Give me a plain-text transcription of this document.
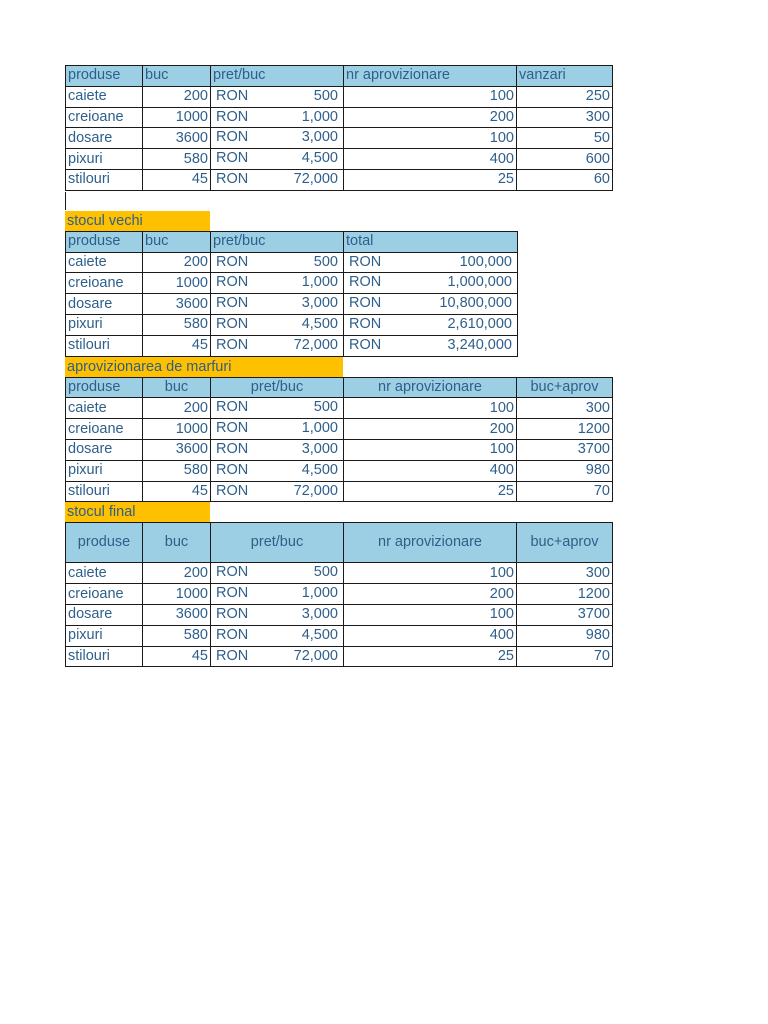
produse	buc	pret/buc	nr aprovizionare	vanzari
caiete	200	RON 500	100	250
creioane	1000	RON 1,000	200	300
dosare	3600	RON 3,000	100	50
pixuri	580	RON 4,500	400	600
stilouri	45	RON 72,000	25	60
stocul vechi
produse	buc	pret/buc	total
caiete	200	RON 500	RON 100,000

creioane	1000	RON 1,000	RON 1,000,000

dosare	3600	RON 3,000	RON 10,800,000

pixuri	580	RON 4,500	RON 2,610,000

stilouri	45	RON 72,000	RON 3,240,000
aprovizionarea de marfuri
produse	buc	pret/buc	nr aprovizionare	buc+aprov
caiete	200	RON 500	100	300
creioane	1000	RON 1,000	200	1200
dosare	3600	RON 3,000	100	3700
pixuri	580	RON 4,500	400	980
stilouri	45	RON 72,000	25	70
stocul final
produse	buc	pret/buc	nr aprovizionare	buc+aprov
caiete	200	RON 500	100	300
creioane	1000	RON 1,000	200	1200
dosare	3600	RON 3,000	100	3700
pixuri	580	RON 4,500	400	980
stilouri	45	RON 72,000	25	70
